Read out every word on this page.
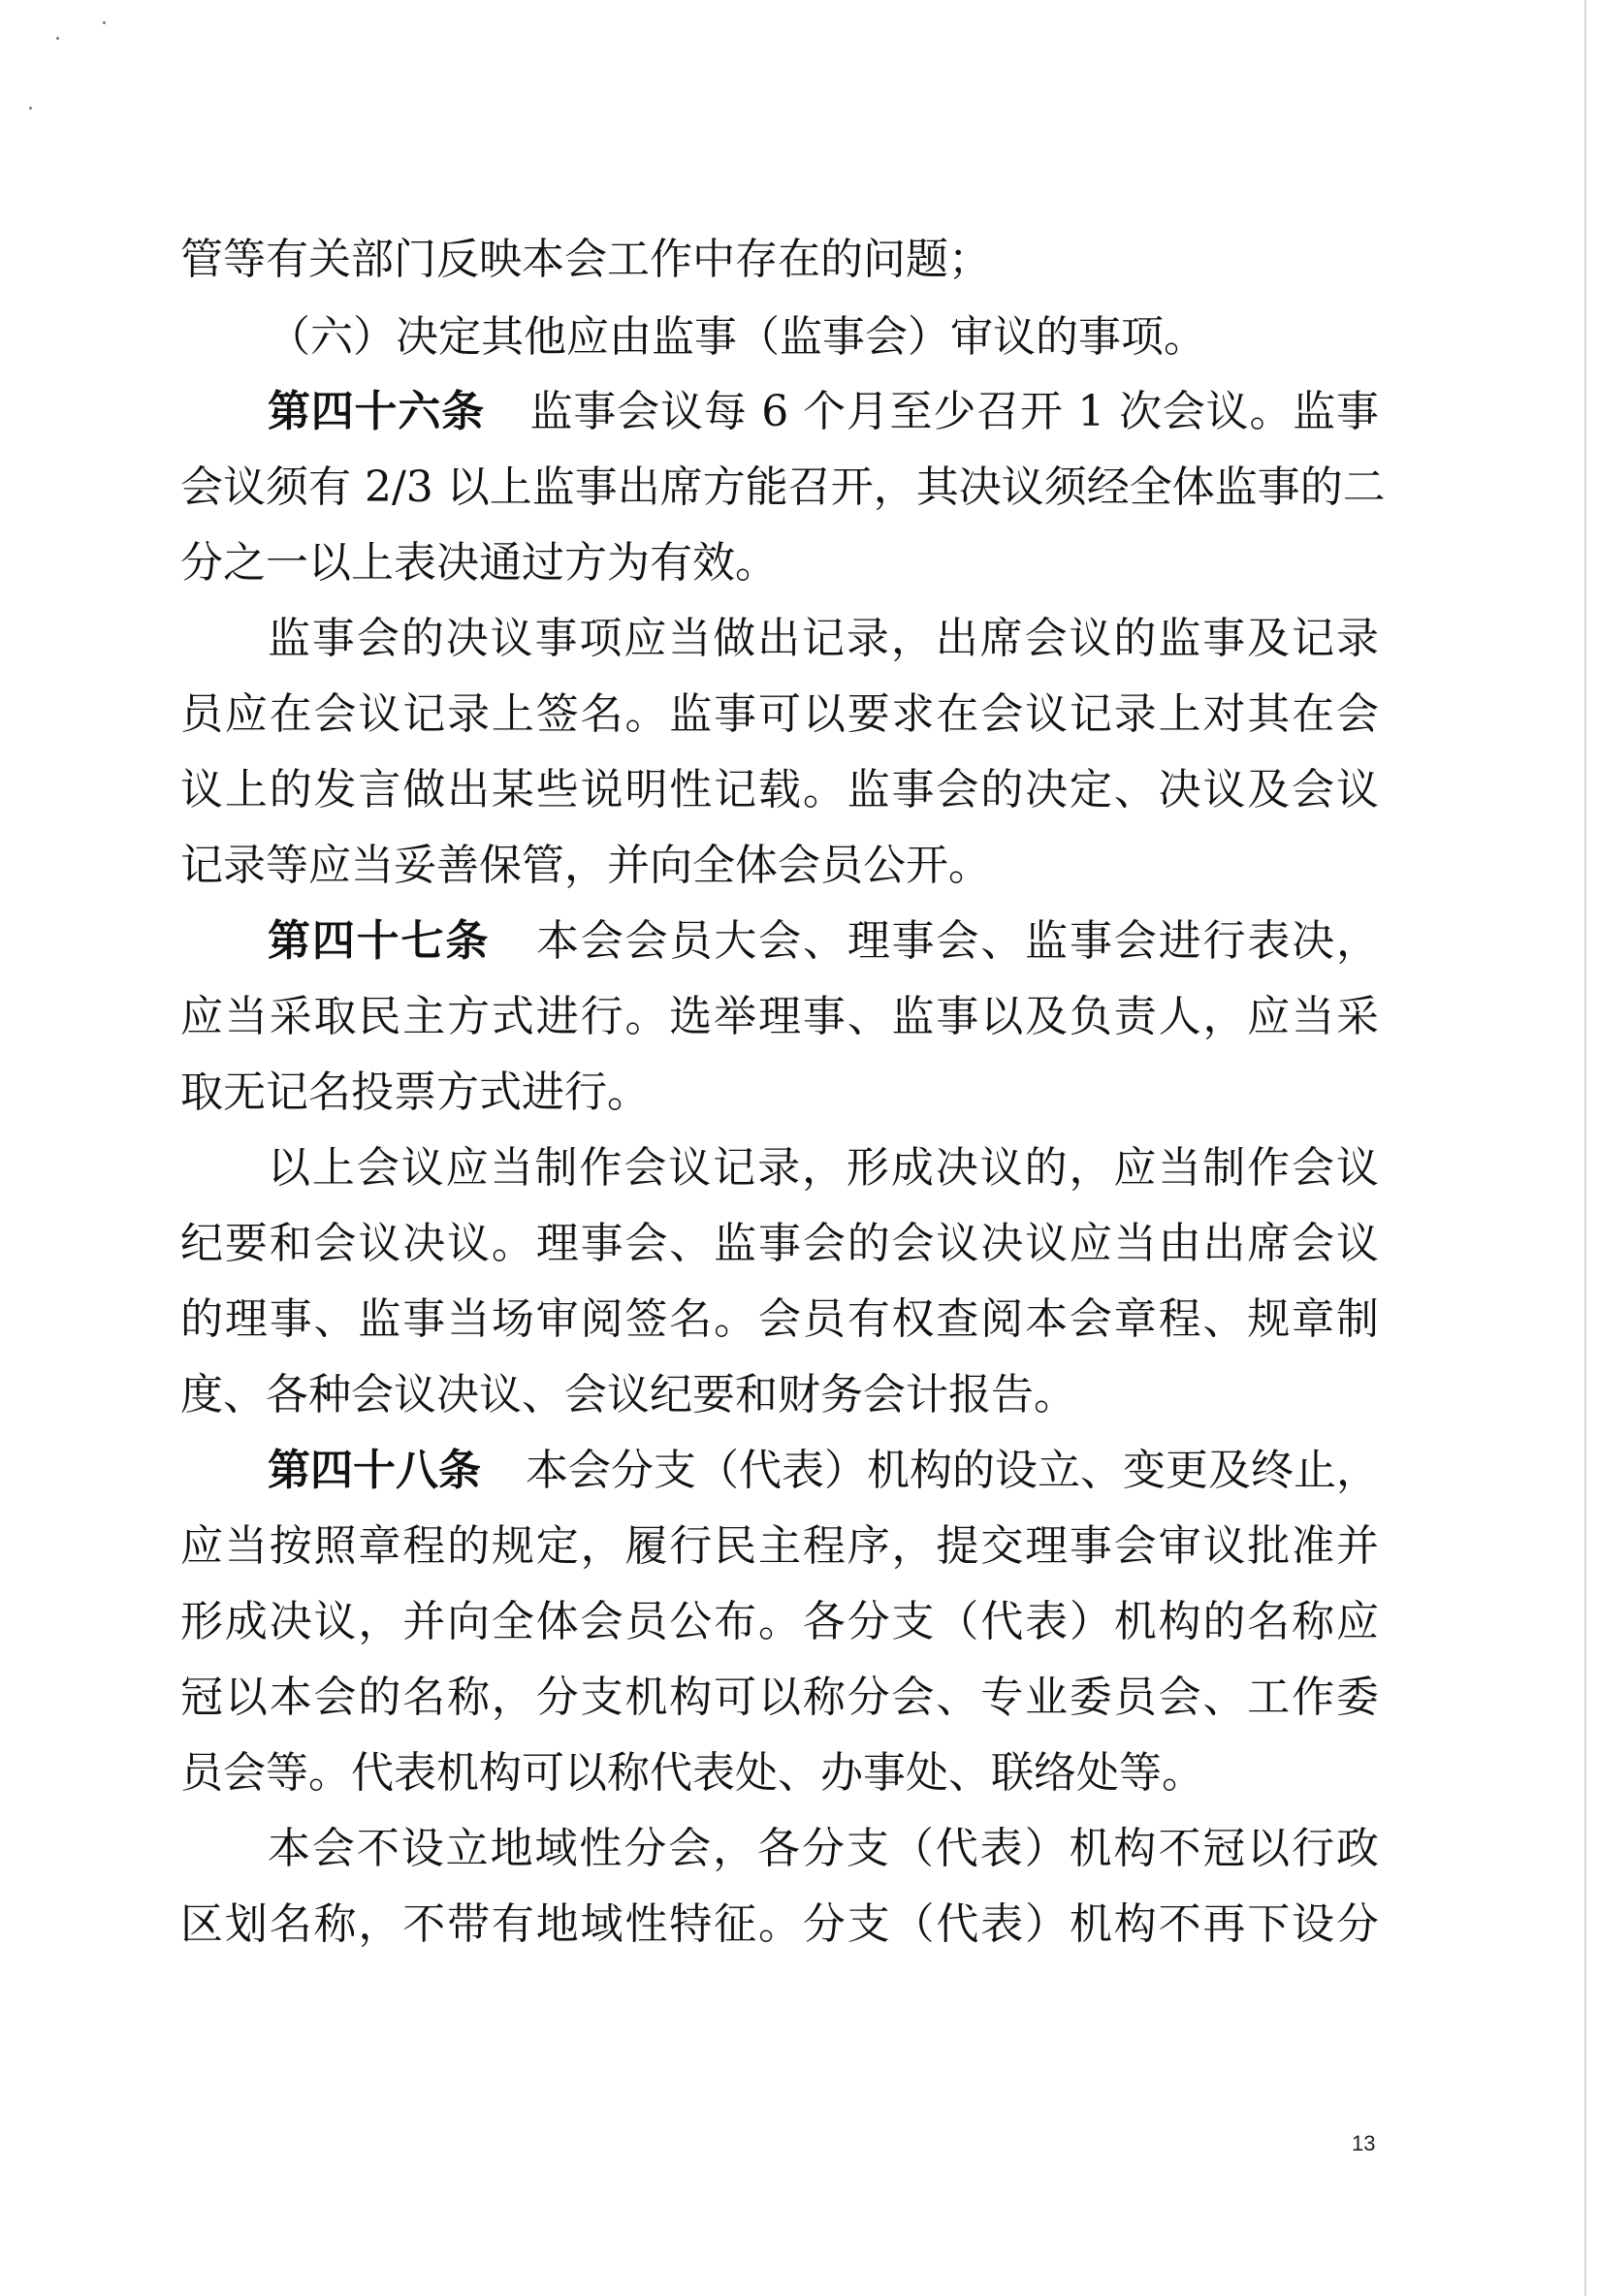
管等有关部门反映本会工作中存在的问题；
（六）决定其他应由监事（监事会）审议的事项。
第四十六条 监事会议每 6 个月至少召开 1 次会议。监事
会议须有 2/3 以上监事出席方能召开，其决议须经全体监事的二
分之一以上表决通过方为有效。
监事会的决议事项应当做出记录，出席会议的监事及记录
员应在会议记录上签名。监事可以要求在会议记录上对其在会
议上的发言做出某些说明性记载。监事会的决定、决议及会议
记录等应当妥善保管，并向全体会员公开。
第四十七条 本会会员大会、理事会、监事会进行表决，
应当采取民主方式进行。选举理事、监事以及负责人，应当采
取无记名投票方式进行。
以上会议应当制作会议记录，形成决议的，应当制作会议
纪要和会议决议。理事会、监事会的会议决议应当由出席会议
的理事、监事当场审阅签名。会员有权查阅本会章程、规章制
度、各种会议决议、会议纪要和财务会计报告。
第四十八条 本会分支（代表）机构的设立、变更及终止，
应当按照章程的规定，履行民主程序，提交理事会审议批准并
形成决议，并向全体会员公布。各分支（代表）机构的名称应
冠以本会的名称，分支机构可以称分会、专业委员会、工作委
员会等。代表机构可以称代表处、办事处、联络处等。
本会不设立地域性分会，各分支（代表）机构不冠以行政
区划名称，不带有地域性特征。分支（代表）机构不再下设分
13
